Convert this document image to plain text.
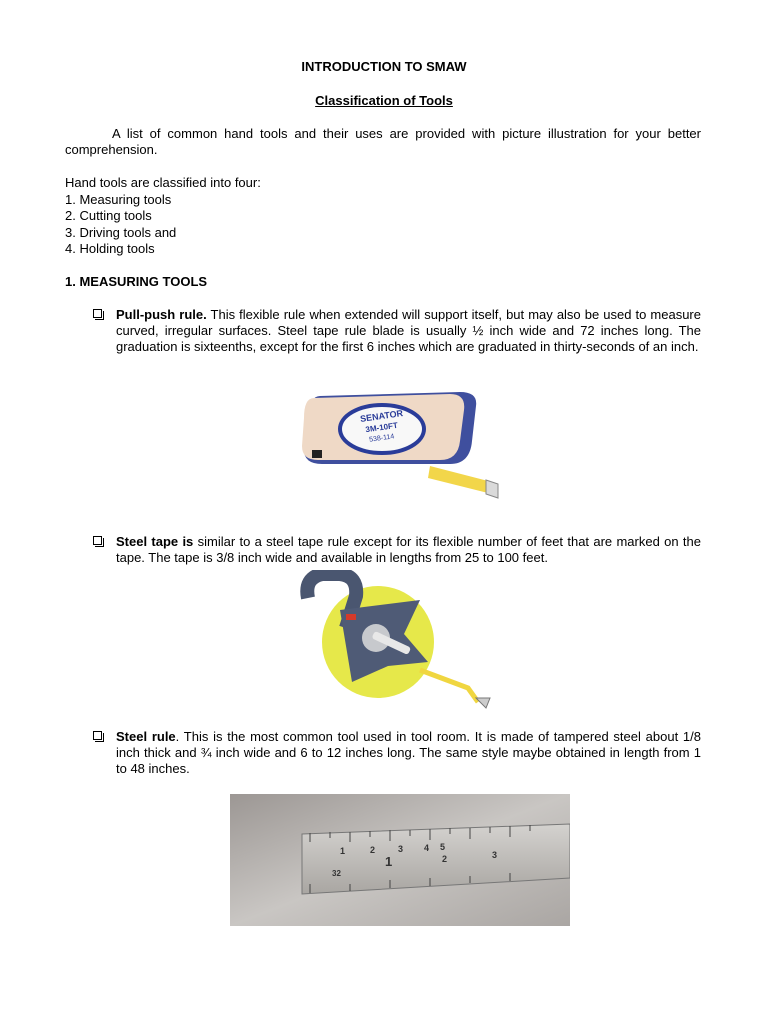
INTRODUCTION TO SMAW
Classification of Tools
A list of common hand tools and their uses are provided with picture illustration for your better comprehension.
Hand tools are classified into four:
1. Measuring tools
2. Cutting tools
3. Driving tools and
4. Holding tools
1. MEASURING TOOLS
Pull-push rule. This flexible rule when extended will support itself, but may also be used to measure curved, irregular surfaces. Steel tape rule blade is usually ½ inch wide and 72 inches long. The graduation is sixteenths, except for the first 6 inches which are graduated in thirty-seconds of an inch.
SENATOR
3M-10FT
538-114
Steel tape is similar to a steel tape rule except for its flexible number of feet that are marked on the tape. The tape is 3/8 inch wide and available in lengths from 25 to 100 feet.
Steel rule. This is the most common tool used in tool room. It is made of tampered steel about 1/8 inch thick and ¾ inch wide and 6 to 12 inches long. The same style maybe obtained in length from 1 to 48 inches.
1	2	3 4 5
1	2	3
32
